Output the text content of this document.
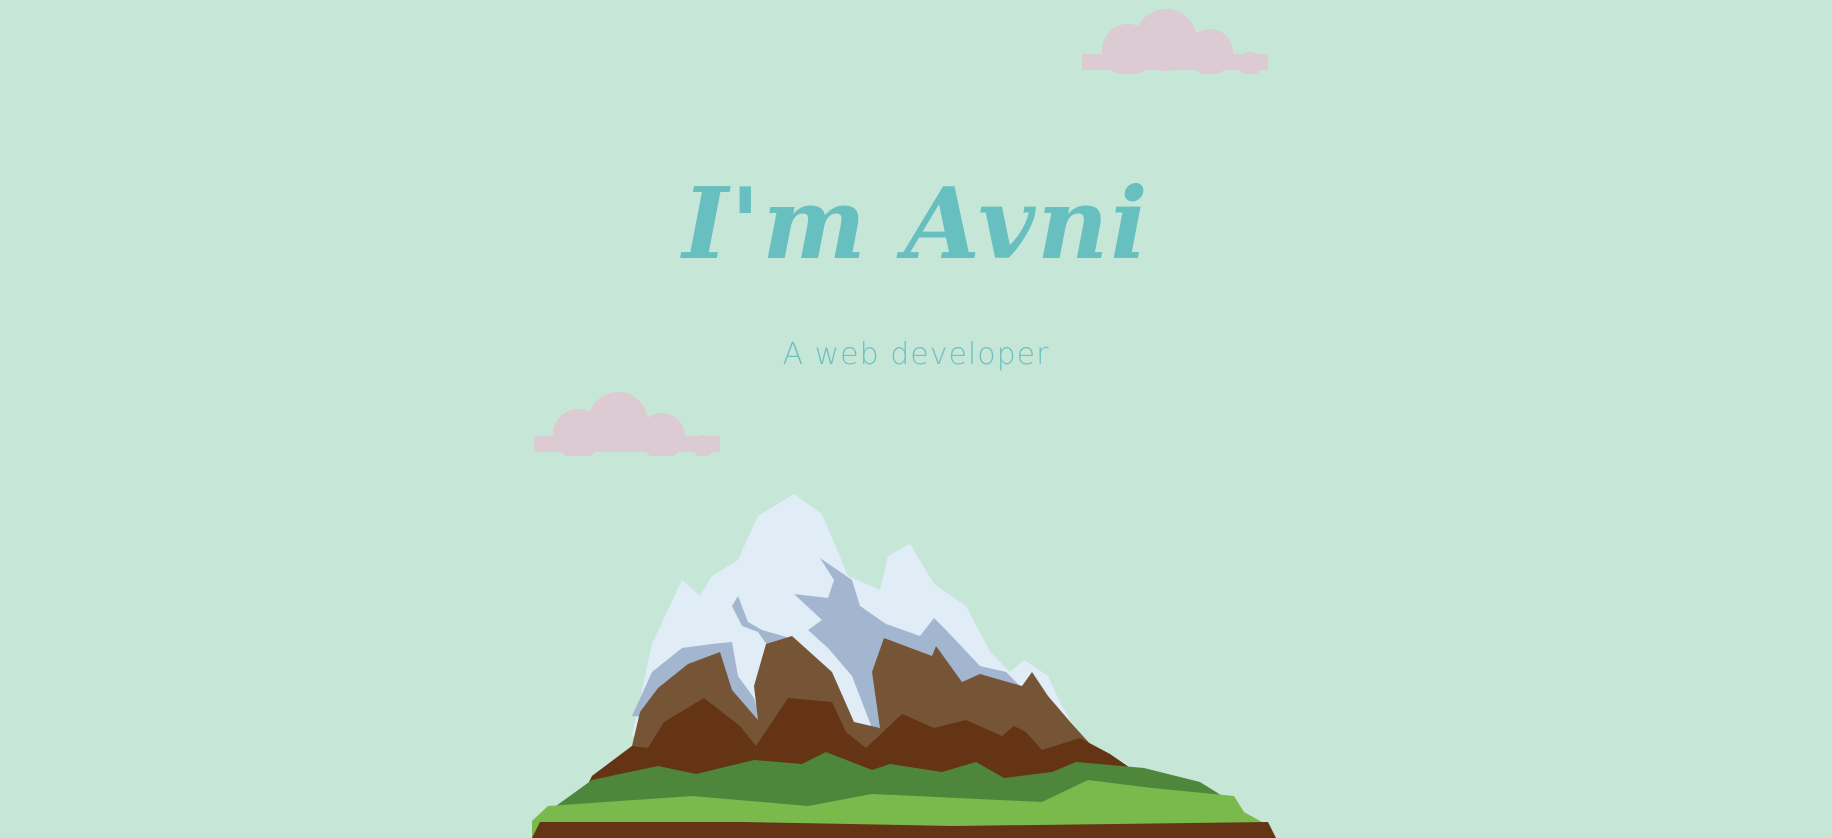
I'm Avni

A web developer
